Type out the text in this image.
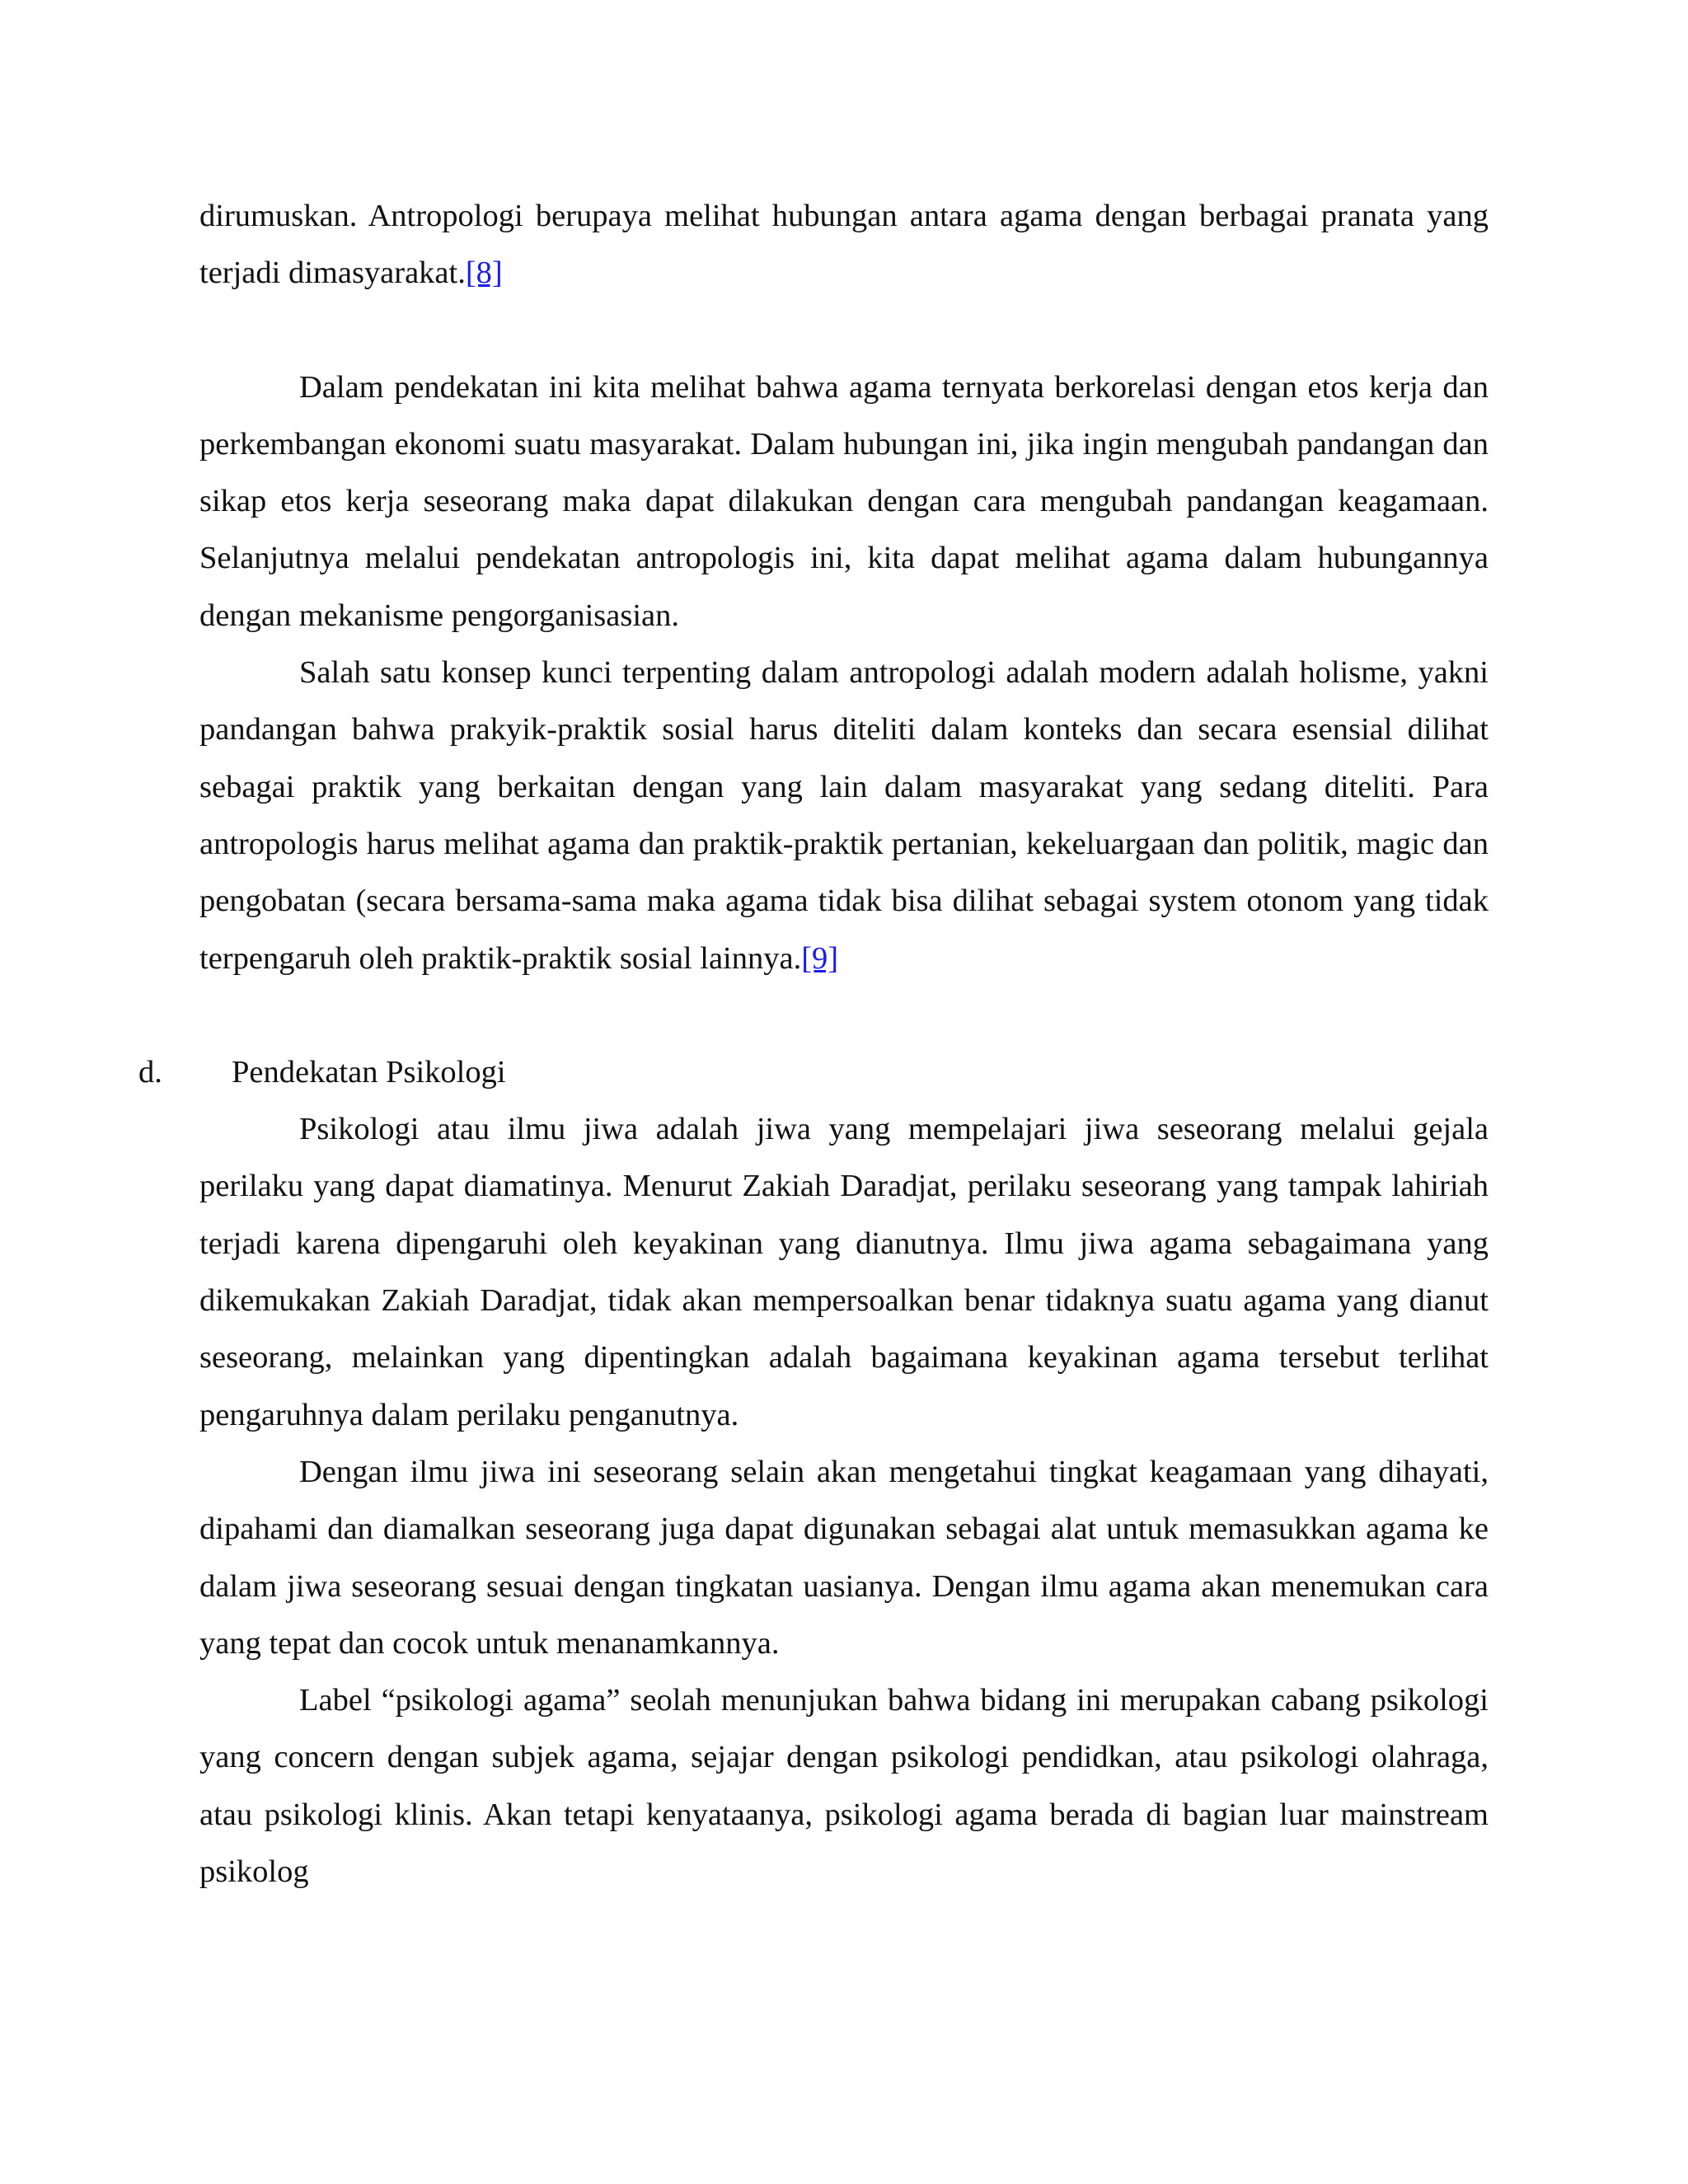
dirumuskan. Antropologi berupaya melihat hubungan antara agama dengan berbagai pranata yang terjadi dimasyarakat.[8]

Dalam pendekatan ini kita melihat bahwa agama ternyata berkorelasi dengan etos kerja dan perkembangan ekonomi suatu masyarakat. Dalam hubungan ini, jika ingin mengubah pandangan dan sikap etos kerja seseorang maka dapat dilakukan dengan cara mengubah pandangan keagamaan. Selanjutnya melalui pendekatan antropologis ini, kita dapat melihat agama dalam hubungannya dengan mekanisme pengorganisasian.

Salah satu konsep kunci terpenting dalam antropologi adalah modern adalah holisme, yakni pandangan bahwa prakyik-praktik sosial harus diteliti dalam konteks dan secara esensial dilihat sebagai praktik yang berkaitan dengan yang lain dalam masyarakat yang sedang diteliti. Para antropologis harus melihat agama dan praktik-praktik pertanian, kekeluargaan dan politik, magic dan pengobatan (secara bersama-sama maka agama tidak bisa dilihat sebagai system otonom yang tidak terpengaruh oleh praktik-praktik sosial lainnya.[9]

d. Pendekatan Psikologi

Psikologi atau ilmu jiwa adalah jiwa yang mempelajari jiwa seseorang melalui gejala perilaku yang dapat diamatinya. Menurut Zakiah Daradjat, perilaku seseorang yang tampak lahiriah terjadi karena dipengaruhi oleh keyakinan yang dianutnya. Ilmu jiwa agama sebagaimana yang dikemukakan Zakiah Daradjat, tidak akan mempersoalkan benar tidaknya suatu agama yang dianut seseorang, melainkan yang dipentingkan adalah bagaimana keyakinan agama tersebut terlihat pengaruhnya dalam perilaku penganutnya.

Dengan ilmu jiwa ini seseorang selain akan mengetahui tingkat keagamaan yang dihayati, dipahami dan diamalkan seseorang juga dapat digunakan sebagai alat untuk memasukkan agama ke dalam jiwa seseorang sesuai dengan tingkatan uasianya. Dengan ilmu agama akan menemukan cara yang tepat dan cocok untuk menanamkannya.

Label “psikologi agama” seolah menunjukan bahwa bidang ini merupakan cabang psikologi yang concern dengan subjek agama, sejajar dengan psikologi pendidkan, atau psikologi olahraga, atau psikologi klinis. Akan tetapi kenyataanya, psikologi agama berada di bagian luar mainstream psikolog
